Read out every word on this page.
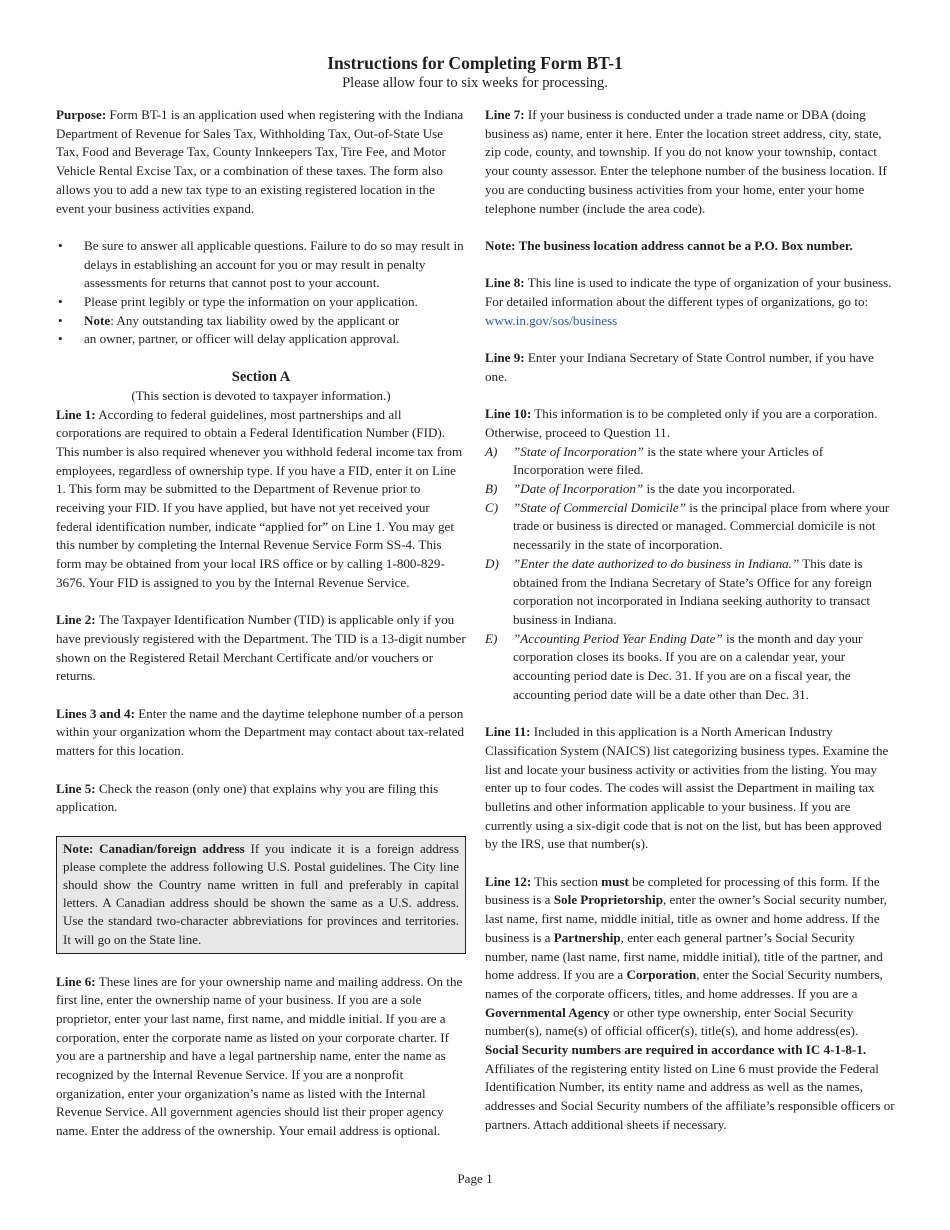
Instructions for Completing Form BT-1
Please allow four to six weeks for processing.

Purpose: Form BT-1 is an application used when registering with the Indiana Department of Revenue for Sales Tax, Withholding Tax, Out-of-State Use Tax, Food and Beverage Tax, County Innkeepers Tax, Tire Fee, and Motor Vehicle Rental Excise Tax, or a combination of these taxes. The form also allows you to add a new tax type to an existing registered location in the event your business activities expand.

• Be sure to answer all applicable questions. Failure to do so may result in delays in establishing an account for you or may result in penalty assessments for returns that cannot post to your account.
• Please print legibly or type the information on your application.
• Note: Any outstanding tax liability owed by the applicant or
• an owner, partner, or officer will delay application approval.
Section A

(This section is devoted to taxpayer information.)

Line 1: According to federal guidelines, most partnerships and all corporations are required to obtain a Federal Identification Number (FID). This number is also required whenever you withhold federal income tax from employees, regardless of ownership type. If you have a FID, enter it on Line 1. This form may be submitted to the Department of Revenue prior to receiving your FID. If you have applied, but have not yet received your federal identification number, indicate “applied for” on Line 1. You may get this number by completing the Internal Revenue Service Form SS-4. This form may be obtained from your local IRS office or by calling 1-800-829-3676. Your FID is assigned to you by the Internal Revenue Service.

Line 2: The Taxpayer Identification Number (TID) is applicable only if you have previously registered with the Department. The TID is a 13-digit number shown on the Registered Retail Merchant Certificate and/or vouchers or returns.

Lines 3 and 4: Enter the name and the daytime telephone number of a person within your organization whom the Department may contact about tax-related matters for this location.

Line 5: Check the reason (only one) that explains why you are filing this application.

Note: Canadian/foreign address If you indicate it is a foreign address please complete the address following U.S. Postal guidelines. The City line should show the Country name written in full and preferably in capital letters. A Canadian address should be shown the same as a U.S. address. Use the standard two-character abbreviations for provinces and territories. It will go on the State line.

Line 6: These lines are for your ownership name and mailing address. On the first line, enter the ownership name of your business. If you are a sole proprietor, enter your last name, first name, and middle initial. If you are a corporation, enter the corporate name as listed on your corporate charter. If you are a partnership and have a legal partnership name, enter the name as recognized by the Internal Revenue Service. If you are a nonprofit organization, enter your organization’s name as listed with the Internal Revenue Service. All government agencies should list their proper agency name. Enter the address of the ownership. Your email address is optional.

Line 7: If your business is conducted under a trade name or DBA (doing business as) name, enter it here. Enter the location street address, city, state, zip code, county, and township. If you do not know your township, contact your county assessor. Enter the telephone number of the business location. If you are conducting business activities from your home, enter your home telephone number (include the area code).

Note: The business location address cannot be a P.O. Box number.

Line 8: This line is used to indicate the type of organization of your business. For detailed information about the different types of organizations, go to: www.in.gov/sos/business

Line 9: Enter your Indiana Secretary of State Control number, if you have one.

Line 10: This information is to be completed only if you are a corporation. Otherwise, proceed to Question 11.

A) ”State of Incorporation” is the state where your Articles of Incorporation were filed.
B) ”Date of Incorporation” is the date you incorporated.
C) ”State of Commercial Domicile” is the principal place from where your trade or business is directed or managed. Commercial domicile is not necessarily in the state of incorporation.
D) ”Enter the date authorized to do business in Indiana.” This date is obtained from the Indiana Secretary of State’s Office for any foreign corporation not incorporated in Indiana seeking authority to transact business in Indiana.
E) ”Accounting Period Year Ending Date” is the month and day your corporation closes its books. If you are on a calendar year, your accounting period date is Dec. 31. If you are on a fiscal year, the accounting period date will be a date other than Dec. 31.

Line 11: Included in this application is a North American Industry Classification System (NAICS) list categorizing business types. Examine the list and locate your business activity or activities from the listing. You may enter up to four codes. The codes will assist the Department in mailing tax bulletins and other information applicable to your business. If you are currently using a six-digit code that is not on the list, but has been approved by the IRS, use that number(s).

Line 12: This section must be completed for processing of this form. If the business is a Sole Proprietorship, enter the owner’s Social security number, last name, first name, middle initial, title as owner and home address. If the business is a Partnership, enter each general partner’s Social Security number, name (last name, first name, middle initial), title of the partner, and home address. If you are a Corporation, enter the Social Security numbers, names of the corporate officers, titles, and home addresses. If you are a Governmental Agency or other type ownership, enter Social Security number(s), name(s) of official officer(s), title(s), and home address(es). Social Security numbers are required in accordance with IC 4-1-8-1. Affiliates of the registering entity listed on Line 6 must provide the Federal Identification Number, its entity name and address as well as the names, addresses and Social Security numbers of the affiliate’s responsible officers or partners. Attach additional sheets if necessary.

Page 1
